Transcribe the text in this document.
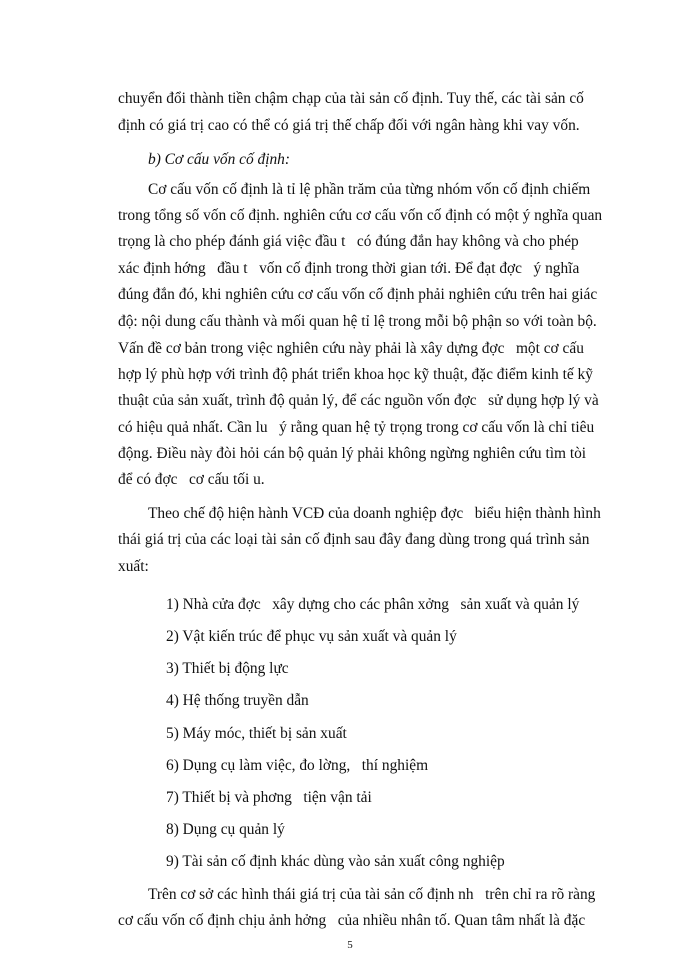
chuyển đổi thành tiền chậm chạp của tài sản cố định. Tuy thế, các tài sản cố

định có giá trị cao có thể có giá trị thế chấp đối với ngân hàng khi vay vốn.

b) Cơ cấu vốn cố định:

Cơ cấu vốn cố định là tỉ lệ phần trăm của từng nhóm vốn cố định chiếm

trong tổng số vốn cố định. nghiên cứu cơ cấu vốn cố định có một ý nghĩa quan

trọng là cho phép đánh giá việc đầu t   có đúng đắn hay không và cho phép

xác định hớng   đầu t   vốn cố định trong thời gian tới. Để đạt đợc   ý nghĩa

đúng đắn đó, khi nghiên cứu cơ cấu vốn cố định phải nghiên cứu trên hai giác

độ: nội dung cấu thành và mối quan hệ tỉ lệ trong mỗi bộ phận so với toàn bộ.

Vấn đề cơ bản trong việc nghiên cứu này phải là xây dựng đợc   một cơ cấu

hợp lý phù hợp với trình độ phát triển khoa học kỹ thuật, đặc điểm kinh tế kỹ

thuật của sản xuất, trình độ quản lý, để các nguồn vốn đợc   sử dụng hợp lý và

có hiệu quả nhất. Cần lu   ý rằng quan hệ tỷ trọng trong cơ cấu vốn là chỉ tiêu

động. Điều này đòi hỏi cán bộ quản lý phải không ngừng nghiên cứu tìm tòi

để có đợc   cơ cấu tối u.

Theo chế độ hiện hành VCĐ của doanh nghiệp đợc   biểu hiện thành hình

thái giá trị của các loại tài sản cố định sau đây đang dùng trong quá trình sản

xuất:

1) Nhà cửa đợc   xây dựng cho các phân xởng   sản xuất và quản lý

2) Vật kiến trúc để phục vụ sản xuất và quản lý

3) Thiết bị động lực

4) Hệ thống truyền dẫn

5) Máy móc, thiết bị sản xuất

6) Dụng cụ làm việc, đo lờng,   thí nghiệm

7) Thiết bị và phơng   tiện vận tải

8) Dụng cụ quản lý

9) Tài sản cố định khác dùng vào sản xuất công nghiệp

Trên cơ sở các hình thái giá trị của tài sản cố định nh   trên chỉ ra rõ ràng

cơ cấu vốn cố định chịu ảnh hởng   của nhiều nhân tố. Quan tâm nhất là đặc

5
